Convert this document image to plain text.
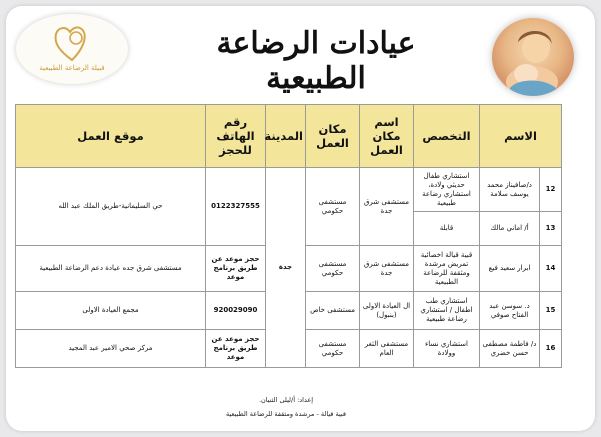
قبيلة الرضاعة الطبيعية
عيادات الرضاعة الطبيعية
الاسم		التخصص	اسم مكان العمل	مكان العمل	المدينة	رقم الهاتف للحجز	موقع العمل
12	د/صافيناز محمد يوسف سلامة	استشاري طفال حديثي ولادة، استشاري رضاعة طبيعية	مستشفى شرق جدة	مستشفى حكومي	جدة	0122327555	حي السليمانية-طريق الملك عبد الله
13	أ/ اماني مالك	قابلة					
14	ابرار سعيد فيع	قبية قيالة اخصائية تمريض مرشدة ومثقفة للرضاعة الطبيعية	مستشفى شرق جدة	مستشفى حكومي		حجز موعد عن طريق برنامج موعد	مستشفى شرق جده عيادة دعم الرضاعة الطبيعية
15	د. سوسن عبد الفتاح صوفي	استشاري طب اطفال / استشاري رضاعة طبيعية	ال العيادة الاولى (بنبول)	مستشفى خاص		920029090	مجمع العيادة الاولى
16	د/ فاطمة مصطفى حسن خضري	استشاري نساء وولادة	مستشفى الثغر العام	مستشفى حكومي		حجز موعد عن طريق برنامج موعد	مركز صحي الامير عبد المجيد
إعداد: أ/ليلى الثنيان.
قبية قيالة - مرشدة ومثقفة للرضاعة الطبيعية
